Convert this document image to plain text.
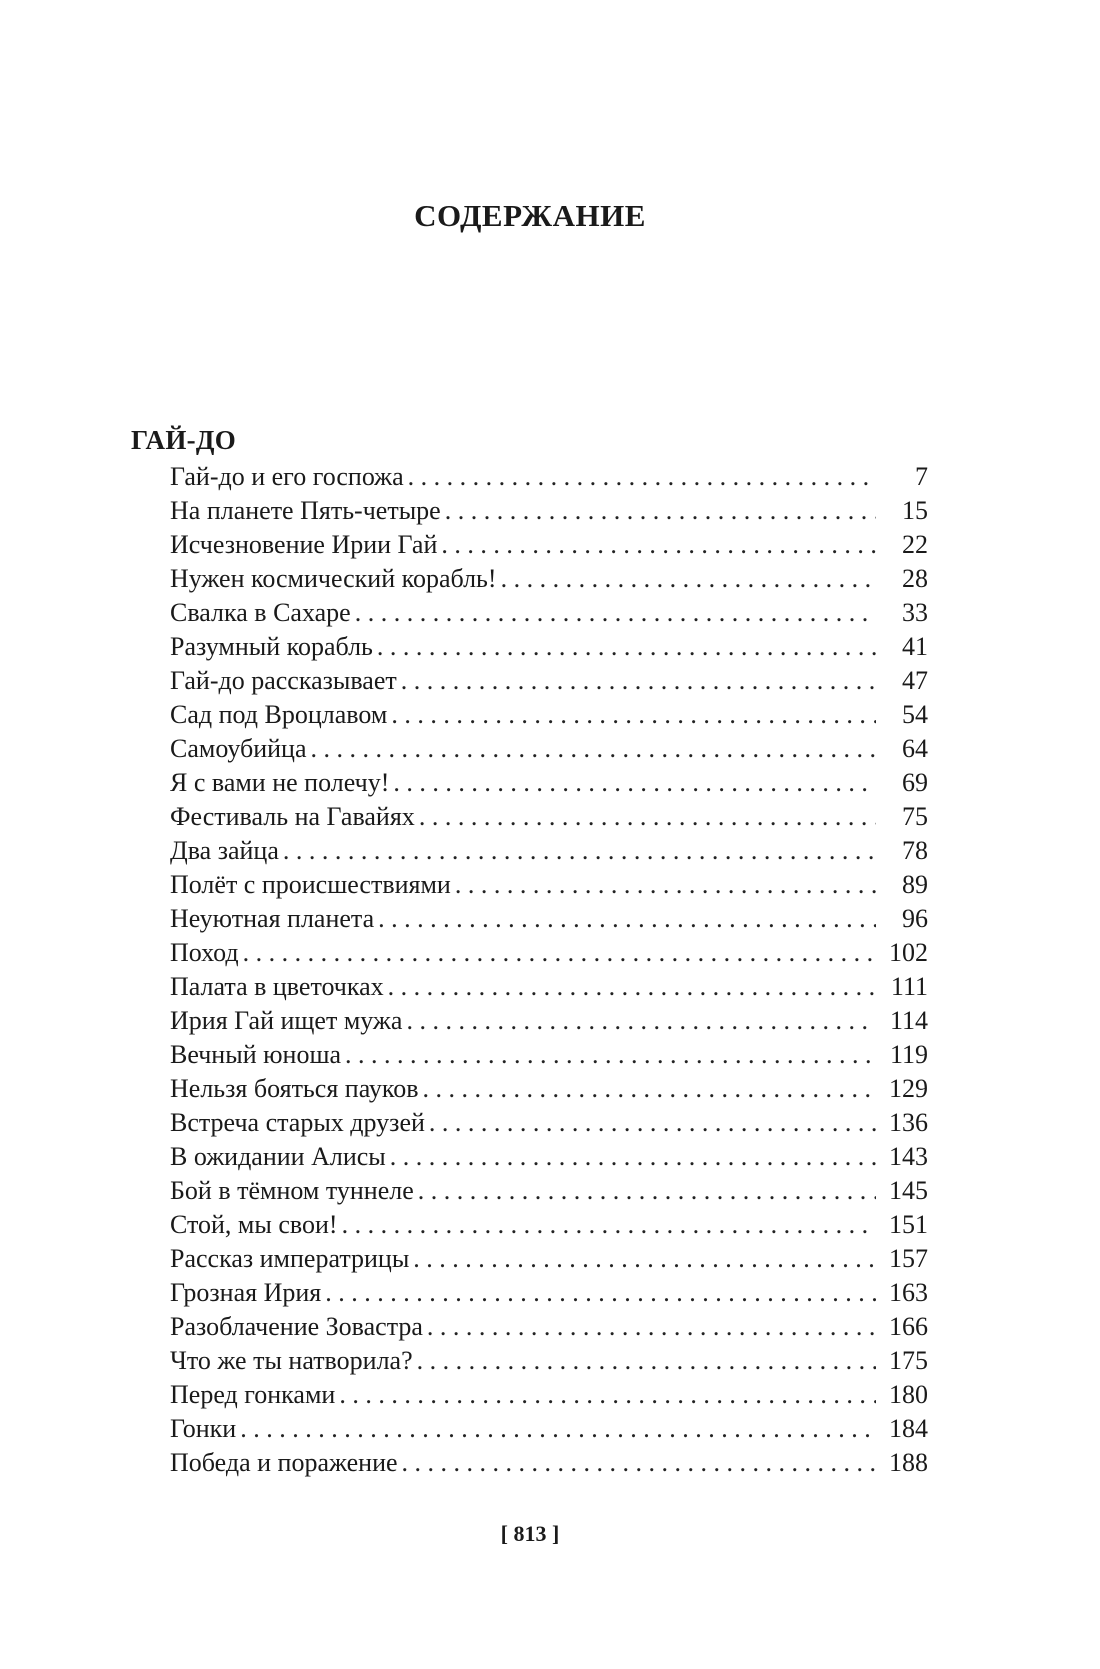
СОДЕРЖАНИЕ
ГАЙ-ДО
Гай-до и его госпожа . . .	7
На планете Пять-четыре . . .	15
Исчезновение Ирии Гай . . .	22
Нужен космический корабль! . . .	28
Свалка в Сахаре . . .	33
Разумный корабль . . .	41
Гай-до рассказывает . . .	47
Сад под Вроцлавом . . .	54
Самоубийца . . .	64
Я с вами не полечу! . . .	69
Фестиваль на Гавайях . . .	75
Два зайца . . .	78
Полёт с происшествиями . . .	89
Неуютная планета . . .	96
Поход . . .	102
Палата в цветочках . . .	111
Ирия Гай ищет мужа . . .	114
Вечный юноша . . .	119
Нельзя бояться пауков . . .	129
Встреча старых друзей . . .	136
В ожидании Алисы . . .	143
Бой в тёмном туннеле . . .	145
Стой, мы свои! . . .	151
Рассказ императрицы . . .	157
Грозная Ирия . . .	163
Разоблачение Зовастра . . .	166
Что же ты натворила? . . .	175
Перед гонками . . .	180
Гонки . . .	184
Победа и поражение . . .	188
[ 813 ]
